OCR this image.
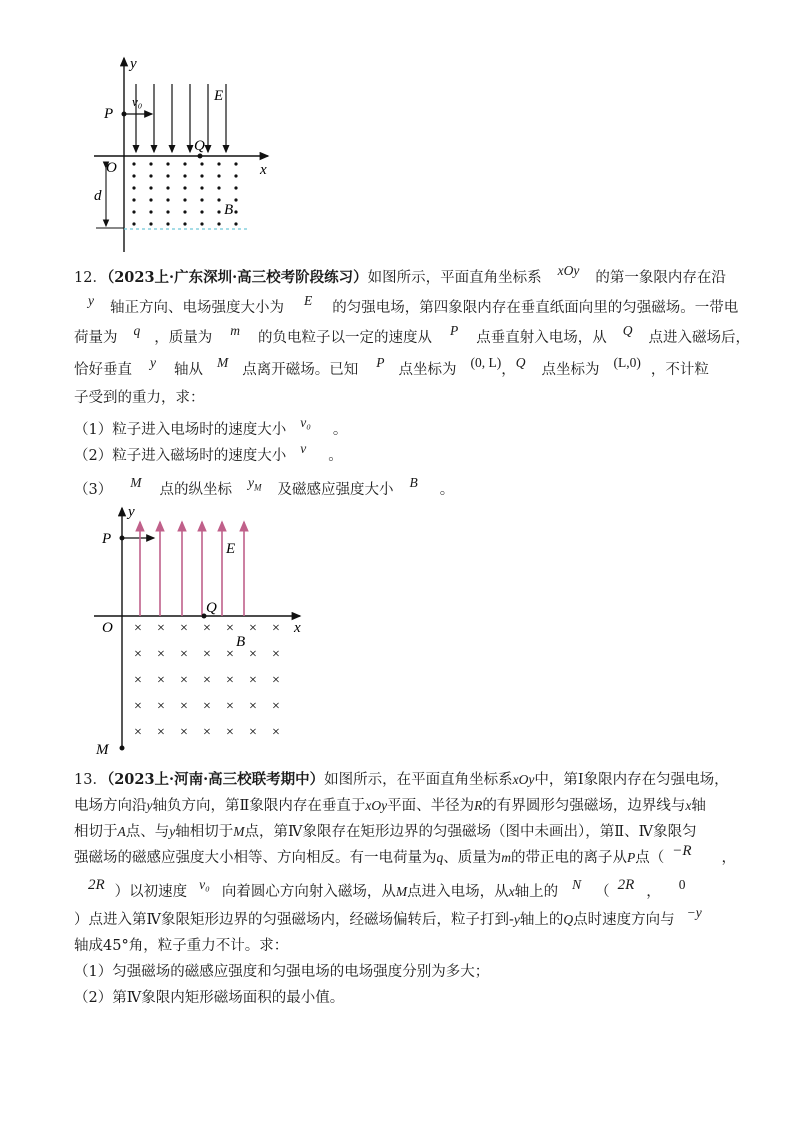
y
x
O
P
v₀	E
Q
B
d
12．（2023上·广东深圳·高三校考阶段练习）如图所示，平面直角坐标系 xOy 的第一象限内存在沿
y 轴正方向、电场强度大小为 E 的匀强电场，第四象限内存在垂直纸面向里的匀强磁场。一带电
荷量为 q ，质量为 m 的负电粒子以一定的速度从 P 点垂直射入电场，从 Q 点进入磁场后，
恰好垂直 y 轴从 M 点离开磁场。已知 P 点坐标为 (0, L)，Q 点坐标为 (L,0) ，不计粒
子受到的重力，求：
（1）粒子进入电场时的速度大小 v₀ 。
（2）粒子进入磁场时的速度大小 v 。
（3） M 点的纵坐标 $y_M$ 及磁感应强度大小 B 。
y
x
O
P
E
Q
× × × × × × ×
× × × × × × ×
× × × × × × ×
× × × × × × ×
× × × × × × ×
B
M
13．（2023上·河南·高三校联考期中）如图所示，在平面直角坐标系xOy中，第Ⅰ象限内存在匀强电场，
电场方向沿y轴负方向，第Ⅱ象限内存在垂直于xOy平面、半径为R的有界圆形匀强磁场，边界线与x轴
相切于A点、与y轴相切于M点，第Ⅳ象限存在矩形边界的匀强磁场（图中未画出），第Ⅱ、Ⅳ象限匀
强磁场的磁感应强度大小相等、方向相反。有一电荷量为q、质量为m的带正电的离子从P点（ −R ，
2R ）以初速度 v₀ 向着圆心方向射入磁场，从M点进入电场，从x轴上的 N （ 2R ， 0
）点进入第Ⅳ象限矩形边界的匀强磁场内，经磁场偏转后，粒子打到-y轴上的Q点时速度方向与 −y
轴成45°角，粒子重力不计。求：
（1）匀强磁场的磁感应强度和匀强电场的电场强度分别为多大；
（2）第Ⅳ象限内矩形磁场面积的最小值。
